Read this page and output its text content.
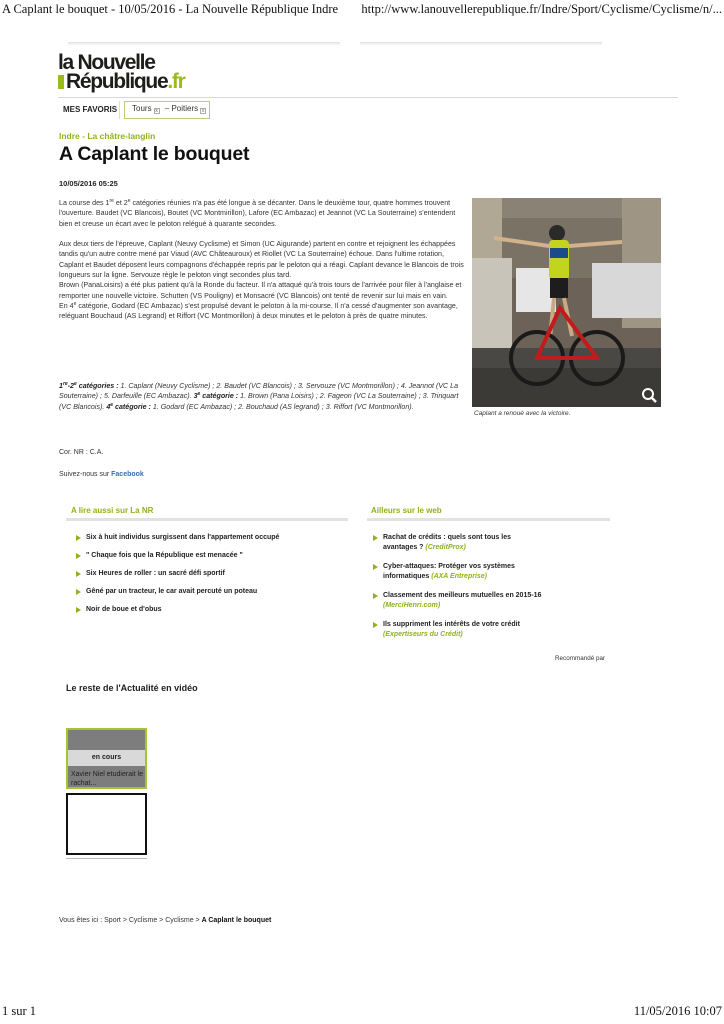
A Caplant le bouquet - 10/05/2016 - La Nouvelle République Indre http://www.lanouvellerepublique.fr/Indre/Sport/Cyclisme/Cyclisme/n/...
la Nouvelle
République.fr
MES FAVORIS	Tours x – Poitiers x
Indre - La châtre-langlin
A Caplant le bouquet
10/05/2016 05:25

La course des 1re et 2e catégories réunies n'a pas été longue à se décanter. Dans le deuxième tour, quatre hommes trouvent l'ouverture. Baudet (VC Blancois), Boutet (VC Montmirillon), Lafore (EC Ambazac) et Jeannot (VC La Souterraine) s'entendent bien et creuse un écart avec le peloton relégué à quarante secondes.

Aux deux tiers de l'épreuve, Caplant (Neuvy Cyclisme) et Simon (UC Aigurande) partent en contre et rejoignent les échappées tandis qu'un autre contre mené par Viaud (AVC Châteauroux) et Riollet (VC La Souterraine) échoue. Dans l'ultime rotation, Caplant et Baudet déposent leurs compagnons d'échappée repris par le peloton qui a réagi. Caplant devance le Blancois de trois longueurs sur la ligne. Servouze règle le peloton vingt secondes plus tard.

Brown (PanaLoisirs) a été plus patient qu'à la Ronde du facteur. Il n'a attaqué qu'à trois tours de l'arrivée pour filer à l'anglaise et remporter une nouvelle victoire. Schutten (VS Pouligny) et Monsacré (VC Blancois) ont tenté de revenir sur lui mais en vain.

En 4e catégorie, Godard (EC Ambazac) s'est propulsé devant le peloton à la mi-course. Il n'a cessé d'augmenter son avantage, reléguant Bouchaud (AS Legrand) et Riffort (VC Montmorillon) à deux minutes et le peloton à près de quatre minutes.

Caplant a renoué avec la victoire.
1re-2e catégories : 1. Caplant (Neuvy Cyclisme) ; 2. Baudet (VC Blancois) ; 3. Servouze (VC Montmorillon) ; 4. Jeannot (VC La Souterraine) ; 5. Darfeuille (EC Ambazac). 3e catégorie : 1. Brown (Pana Loisirs) ; 2. Fageon (VC La Souterraine) ; 3. Trinquart (VC Blancois). 4e catégorie : 1. Godard (EC Ambazac) ; 2. Bouchaud (AS legrand) ; 3. Riffort (VC Montmorillon).
Cor. NR : C.A.
Suivez-nous sur Facebook
A lire aussi sur La NR
Six à huit individus surgissent dans l'appartement occupé
" Chaque fois que la République est menacée "
Six Heures de roller : un sacré défi sportif
Gêné par un tracteur, le car avait percuté un poteau
Noir de boue et d'obus
Ailleurs sur le web
Rachat de crédits : quels sont tous les avantages ? (CreditProx)
Cyber-attaques: Protéger vos systèmes informatiques (AXA Entreprise)
Classement des meilleurs mutuelles en 2015-16 (MerciHenri.com)
Ils suppriment les intérêts de votre crédit (Expertiseurs du Crédit)
Recommandé par
Le reste de l'Actualité en vidéo
en cours
Xavier Niel etudierait le rachat...
Vous êtes ici : Sport > Cyclisme > Cyclisme > A Caplant le bouquet
1 sur 1	11/05/2016 10:07
